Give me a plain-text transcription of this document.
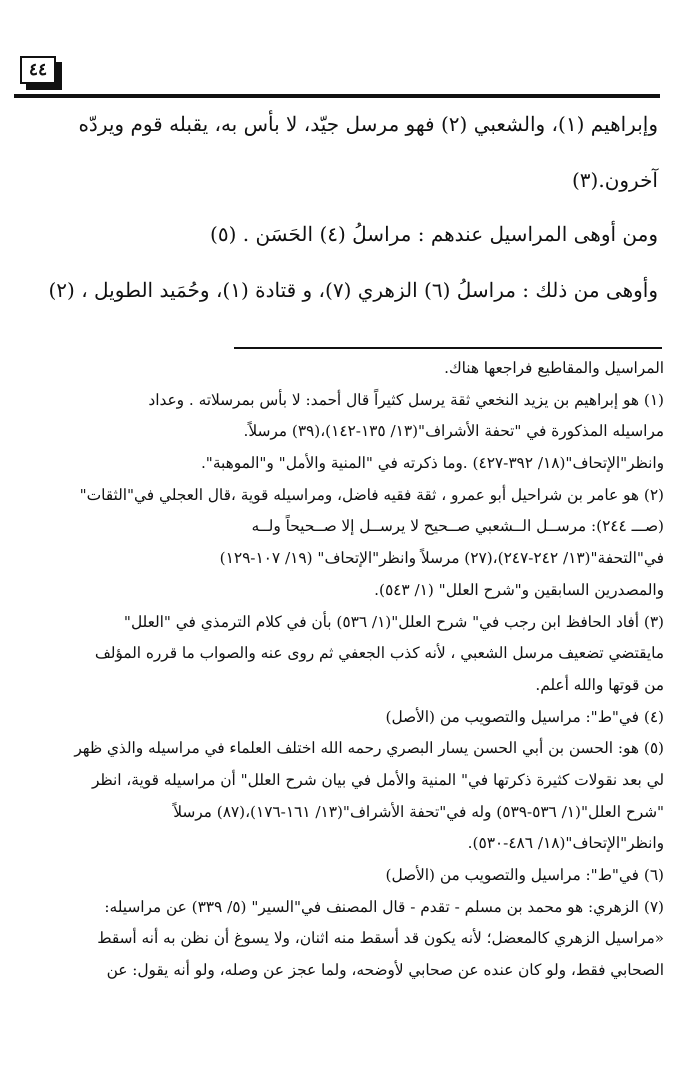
٤٤
وإبراهيم (١)، والشعبي (٢) فهو مرسل جيّد، لا بأس به، يقبله قوم ويردّه
آخرون.(٣)
ومن أوهى المراسيل عندهم : مراسلُ (٤) الحَسَن . (٥)
وأوهى من ذلك : مراسلُ (٦) الزهري (٧)، و قتادة (١)، وحُمَيد الطويل ، (٢)
المراسيل والمقاطيع فراجعها هناك.
(١) هو إبراهيم بن يزيد النخعي ثقة يرسل كثيراً قال أحمد: لا بأس بمرسلاته . وعداد
مراسيله المذكورة في "تحفة الأشراف"(١٣/ ١٣٥-١٤٢)،(٣٩) مرسلاً.
وانظر"الإتحاف"(١٨/ ٣٩٢-٤٢٧) .وما ذكرته في "المنية والأمل" و"الموهبة".
(٢) هو عامر بن شراحيل أبو عمرو ، ثقة فقيه فاضل، ومراسيله قوية ،قال العجلي في"الثقات"
(صـــ ٢٤٤): مرســل الــشعبي صــحيح لا يرســل إلا صــحيحاً ولــه
في"التحفة"(١٣/ ٢٤٢-٢٤٧)،(٢٧) مرسلاً وانظر"الإتحاف" (١٩/ ١٠٧-١٢٩)
والمصدرين السابقين و"شرح العلل" (١/ ٥٤٣).
(٣) أفاد الحافظ ابن رجب في" شرح العلل"(١/ ٥٣٦) بأن في كلام الترمذي في "العلل"
مايقتضي تضعيف مرسل الشعبي ، لأنه كذب الجعفي ثم روى عنه والصواب ما قرره المؤلف
من قوتها والله أعلم.
(٤) في"ط": مراسيل والتصويب من (الأصل)
(٥) هو: الحسن بن أبي الحسن يسار البصري رحمه الله اختلف العلماء في مراسيله والذي ظهر
لي بعد نقولات كثيرة ذكرتها في" المنية والأمل في بيان شرح العلل" أن مراسيله قوية، انظر
"شرح العلل"(١/ ٥٣٦-٥٣٩) وله في"تحفة الأشراف"(١٣/ ١٦١-١٧٦)،(٨٧) مرسلاً
وانظر"الإتحاف"(١٨/ ٤٨٦-٥٣٠).
(٦) في"ط": مراسيل والتصويب من (الأصل)
(٧) الزهري: هو محمد بن مسلم - تقدم - قال المصنف في"السير" (٥/ ٣٣٩) عن مراسيله:
«مراسيل الزهري كالمعضل؛ لأنه يكون قد أسقط منه اثنان، ولا يسوغ أن نظن به أنه أسقط
الصحابي فقط، ولو كان عنده عن صحابي لأوضحه، ولما عجز عن وصله، ولو أنه يقول: عن
